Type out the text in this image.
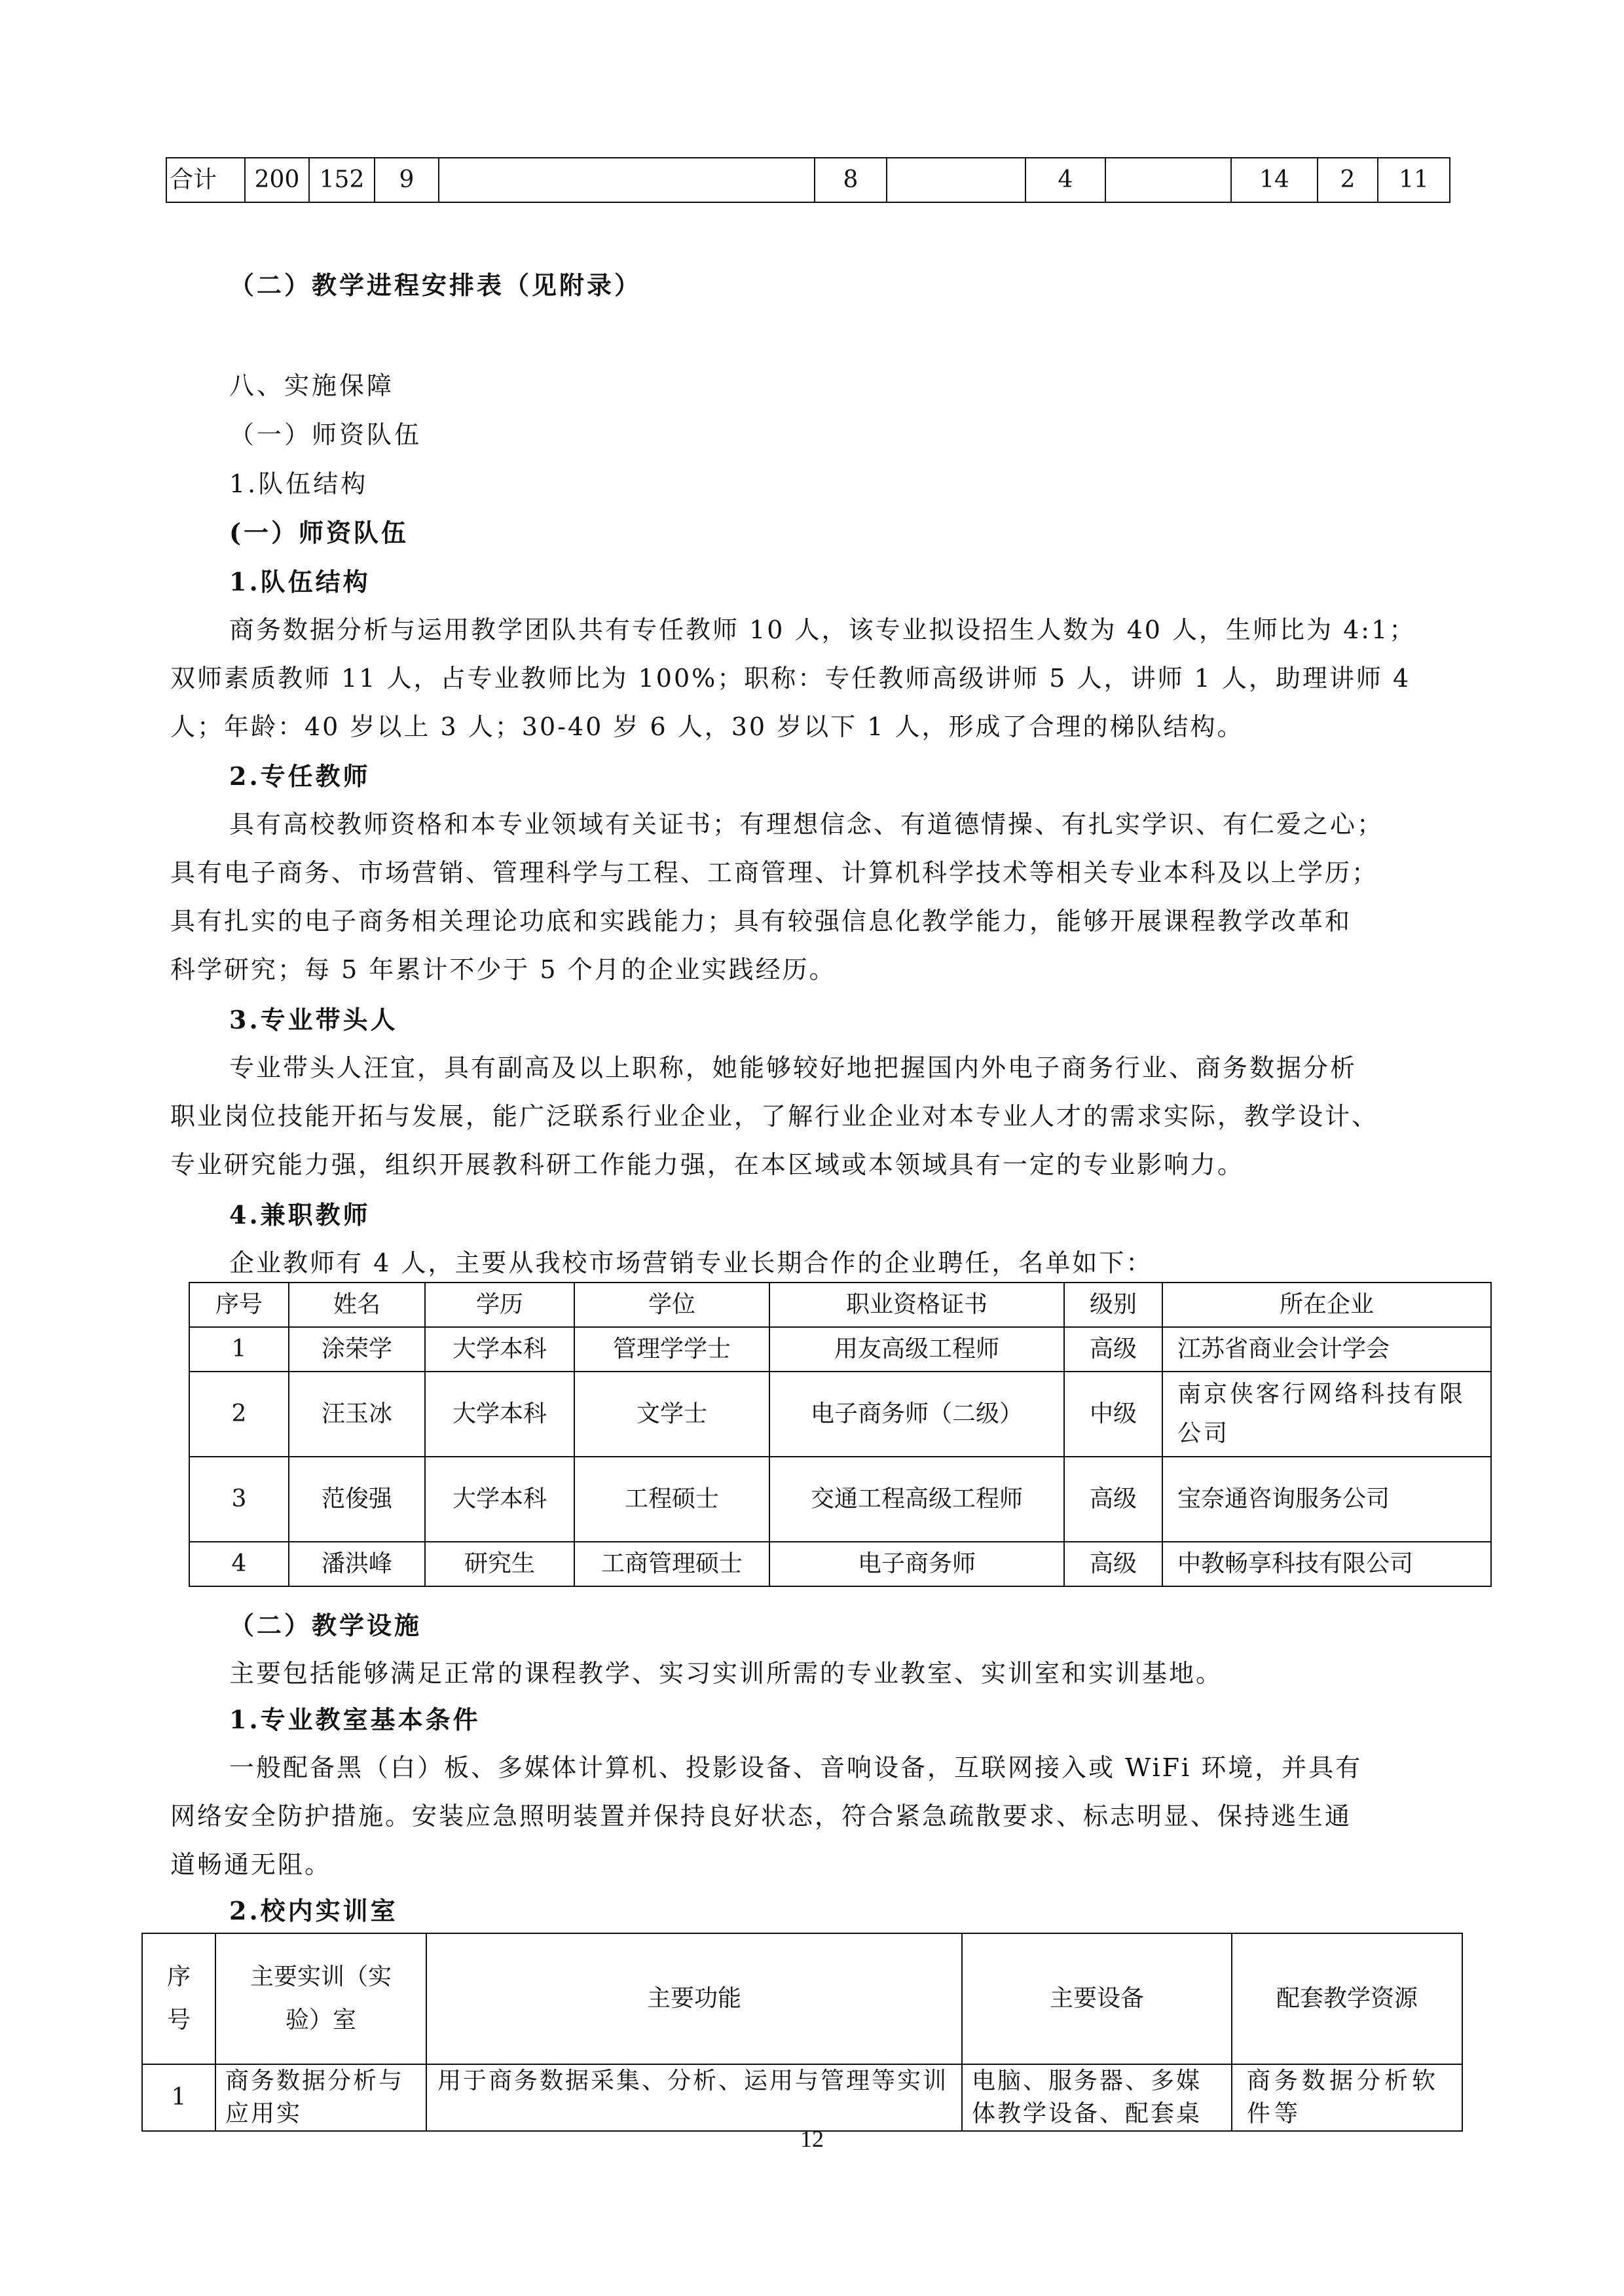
合计	200	152	9		8		4		14	2	11
（二）教学进程安排表（见附录）
八、实施保障
（一）师资队伍
1.队伍结构
(一）师资队伍
1.队伍结构
商务数据分析与运用教学团队共有专任教师 10 人，该专业拟设招生人数为 40 人，生师比为 4:1；
双师素质教师 11 人，占专业教师比为 100%；职称：专任教师高级讲师 5 人，讲师 1 人，助理讲师 4
人；年龄：40 岁以上 3 人；30-40 岁 6 人，30 岁以下 1 人，形成了合理的梯队结构。
2.专任教师
具有高校教师资格和本专业领域有关证书；有理想信念、有道德情操、有扎实学识、有仁爱之心；
具有电子商务、市场营销、管理科学与工程、工商管理、计算机科学技术等相关专业本科及以上学历；
具有扎实的电子商务相关理论功底和实践能力；具有较强信息化教学能力，能够开展课程教学改革和
科学研究；每 5 年累计不少于 5 个月的企业实践经历。
3.专业带头人
专业带头人汪宜，具有副高及以上职称，她能够较好地把握国内外电子商务行业、商务数据分析
职业岗位技能开拓与发展，能广泛联系行业企业，了解行业企业对本专业人才的需求实际，教学设计、
专业研究能力强，组织开展教科研工作能力强，在本区域或本领域具有一定的专业影响力。
4.兼职教师
企业教师有 4 人，主要从我校市场营销专业长期合作的企业聘任，名单如下：
序号	姓名	学历	学位	职业资格证书	级别	所在企业
1	涂荣学	大学本科	管理学学士	用友高级工程师	高级	江苏省商业会计学会
2	汪玉冰	大学本科	文学士	电子商务师（二级）	中级	南京侠客行网络科技有限公司
3	范俊强	大学本科	工程硕士	交通工程高级工程师	高级	宝奈通咨询服务公司
4	潘洪峰	研究生	工商管理硕士	电子商务师	高级	中教畅享科技有限公司
（二）教学设施
主要包括能够满足正常的课程教学、实习实训所需的专业教室、实训室和实训基地。
1.专业教室基本条件
一般配备黑（白）板、多媒体计算机、投影设备、音响设备，互联网接入或 WiFi 环境，并具有
网络安全防护措施。安装应急照明装置并保持良好状态，符合紧急疏散要求、标志明显、保持逃生通
道畅通无阻。
2.校内实训室
序号	主要实训（实验）室	主要功能	主要设备	配套教学资源
1	商务数据分析与应用实	用于商务数据采集、分析、运用与管理等实训	电脑、服务器、多媒体教学设备、配套桌	商务数据分析软件等
12
